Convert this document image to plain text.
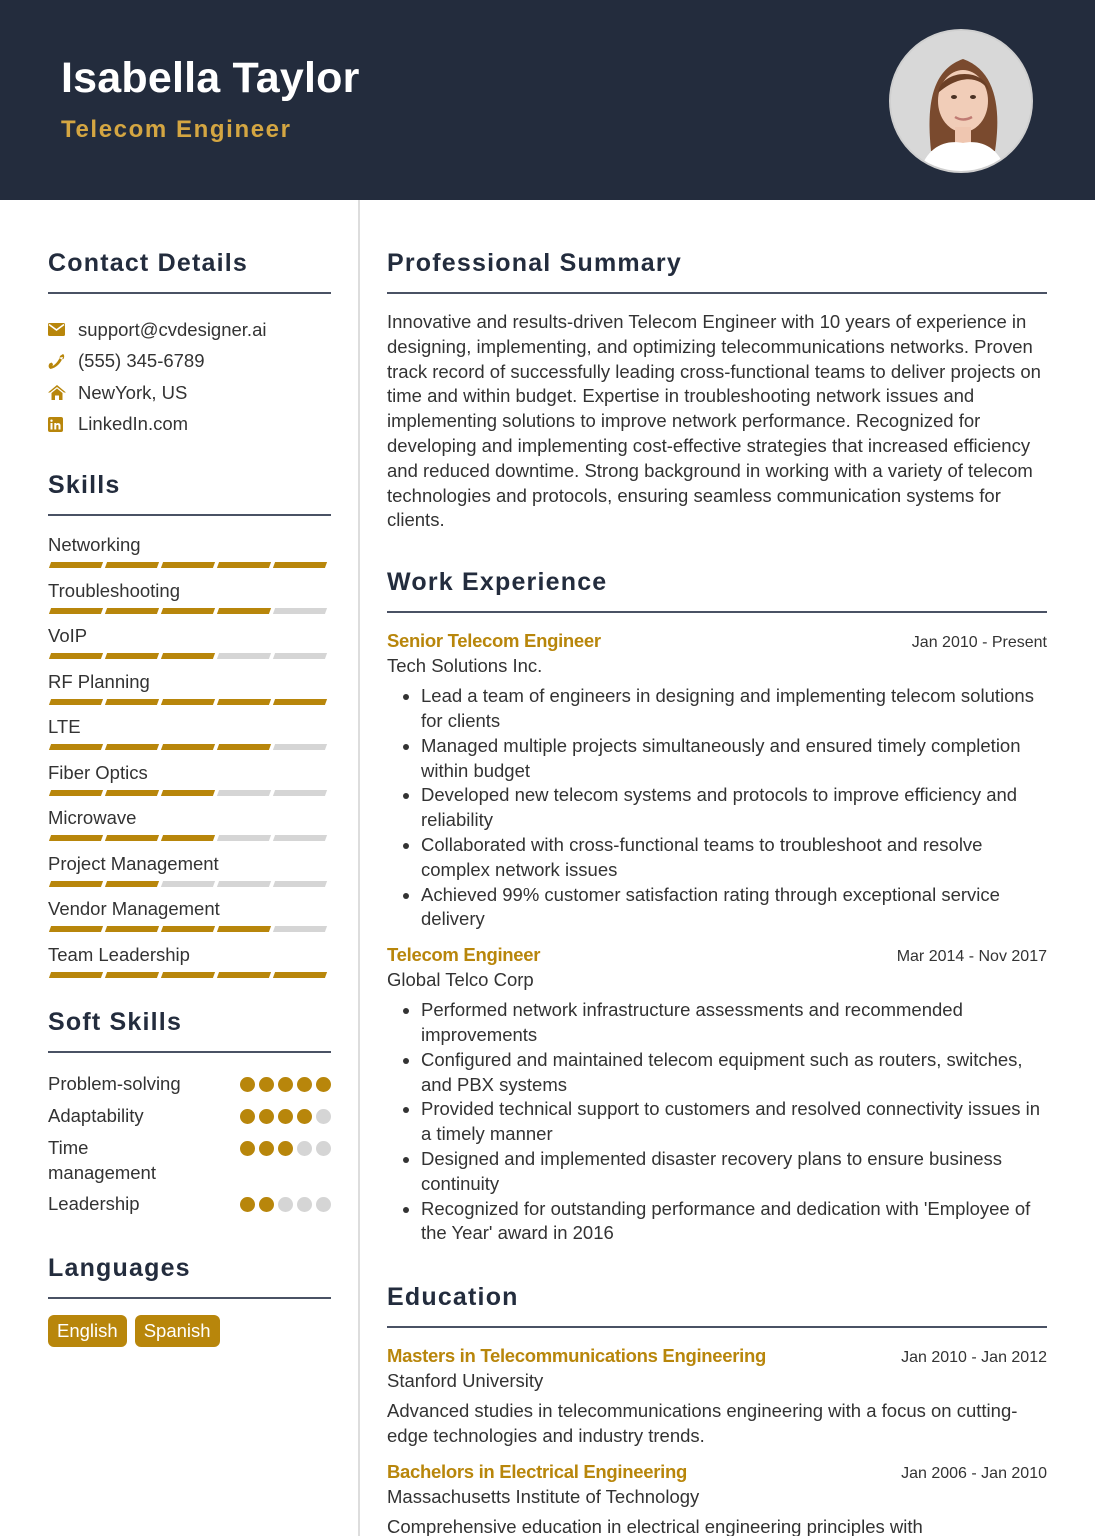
Isabella Taylor
Telecom Engineer
Contact Details
support@cvdesigner.ai
(555) 345-6789
NewYork, US
LinkedIn.com
Skills
Networking
Troubleshooting
VoIP
RF Planning
LTE
Fiber Optics
Microwave
Project Management
Vendor Management
Team Leadership
Soft Skills
Problem-solving
Adaptability
Time management
Leadership
Languages
English	Spanish
Professional Summary

Innovative and results-driven Telecom Engineer with 10 years of experience in designing, implementing, and optimizing telecommunications networks. Proven track record of successfully leading cross-functional teams to deliver projects on time and within budget. Expertise in troubleshooting network issues and implementing solutions to improve network performance. Recognized for developing and implementing cost-effective strategies that increased efficiency and reduced downtime. Strong background in working with a variety of telecom technologies and protocols, ensuring seamless communication systems for clients.

Work Experience
Senior Telecom Engineer	Jan 2010 - Present
Tech Solutions Inc.
• Lead a team of engineers in designing and implementing telecom solutions for clients
• Managed multiple projects simultaneously and ensured timely completion within budget
• Developed new telecom systems and protocols to improve efficiency and reliability
• Collaborated with cross-functional teams to troubleshoot and resolve complex network issues
• Achieved 99% customer satisfaction rating through exceptional service delivery
Telecom Engineer	Mar 2014 - Nov 2017
Global Telco Corp
• Performed network infrastructure assessments and recommended improvements
• Configured and maintained telecom equipment such as routers, switches, and PBX systems
• Provided technical support to customers and resolved connectivity issues in a timely manner
• Designed and implemented disaster recovery plans to ensure business continuity
• Recognized for outstanding performance and dedication with 'Employee of the Year' award in 2016
Education
Masters in Telecommunications Engineering	Jan 2010 - Jan 2012
Stanford University

Advanced studies in telecommunications engineering with a focus on cutting-edge technologies and industry trends.

Bachelors in Electrical Engineering	Jan 2006 - Jan 2010
Massachusetts Institute of Technology

Comprehensive education in electrical engineering principles with
